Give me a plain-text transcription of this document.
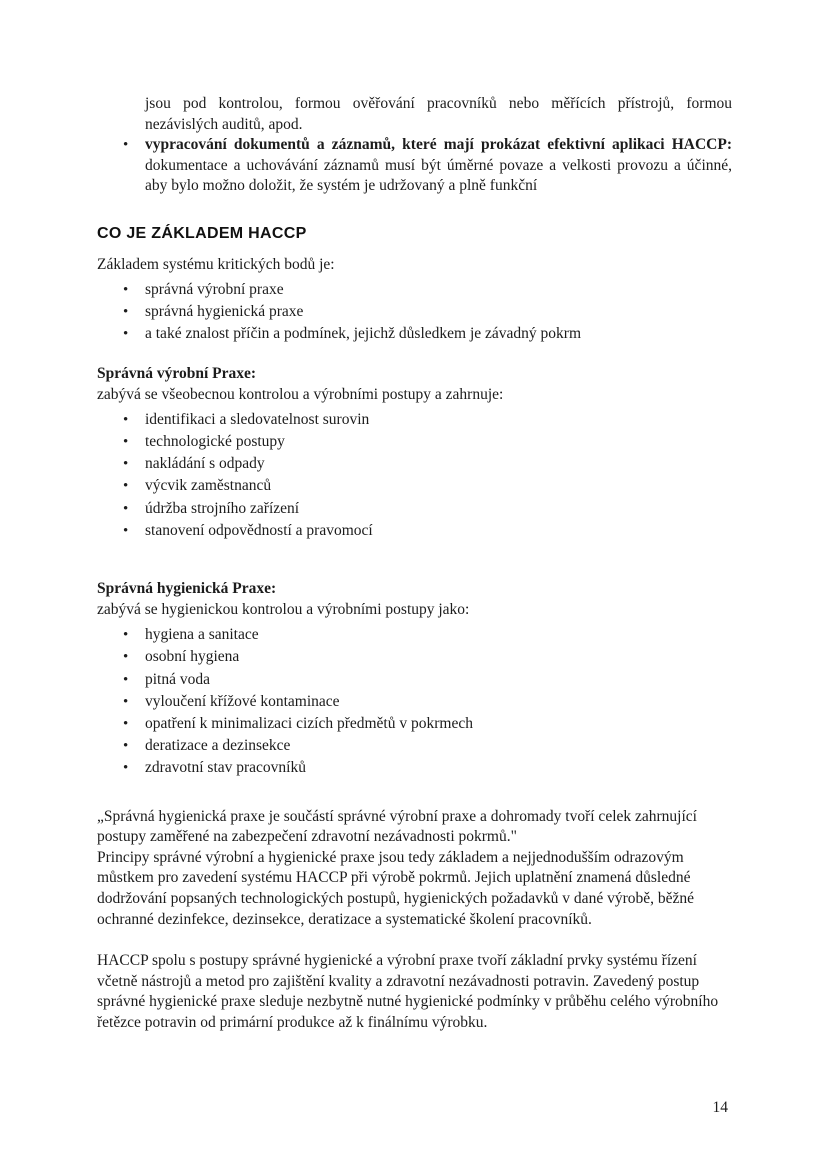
jsou pod kontrolou, formou ověřování pracovníků nebo měřících přístrojů, formou nezávislých auditů, apod.

• vypracování dokumentů a záznamů, které mají prokázat efektivní aplikaci HACCP: dokumentace a uchovávání záznamů musí být úměrné povaze a velkosti provozu a účinné, aby bylo možno doložit, že systém je udržovaný a plně funkční
CO JE ZÁKLADEM HACCP

Základem systému kritických bodů je:

• správná výrobní praxe
• správná hygienická praxe
• a také znalost příčin a podmínek, jejichž důsledkem je závadný pokrm
Správná výrobní Praxe:

zabývá se všeobecnou kontrolou a výrobními postupy a zahrnuje:

• identifikaci a sledovatelnost surovin
• technologické postupy
• nakládání s odpady
• výcvik zaměstnanců
• údržba strojního zařízení
• stanovení odpovědností a pravomocí
Správná hygienická Praxe:

zabývá se hygienickou kontrolou a výrobními postupy jako:

• hygiena a sanitace
• osobní hygiena
• pitná voda
• vyloučení křížové kontaminace
• opatření k minimalizaci cizích předmětů v pokrmech
• deratizace a dezinsekce
• zdravotní stav pracovníků

„Správná hygienická praxe je součástí správné výrobní praxe a dohromady tvoří celek zahrnující postupy zaměřené na zabezpečení zdravotní nezávadnosti pokrmů."

Principy správné výrobní a hygienické praxe jsou tedy základem a nejjednodušším odrazovým můstkem pro zavedení systému HACCP při výrobě pokrmů. Jejich uplatnění znamená důsledné dodržování popsaných technologických postupů, hygienických požadavků v dané výrobě, běžné ochranné dezinfekce, dezinsekce, deratizace a systematické školení pracovníků.

HACCP spolu s postupy správné hygienické a výrobní praxe tvoří základní prvky systému řízení včetně nástrojů a metod pro zajištění kvality a zdravotní nezávadnosti potravin. Zavedený postup správné hygienické praxe sleduje nezbytně nutné hygienické podmínky v průběhu celého výrobního řetězce potravin od primární produkce až k finálnímu výrobku.

14
